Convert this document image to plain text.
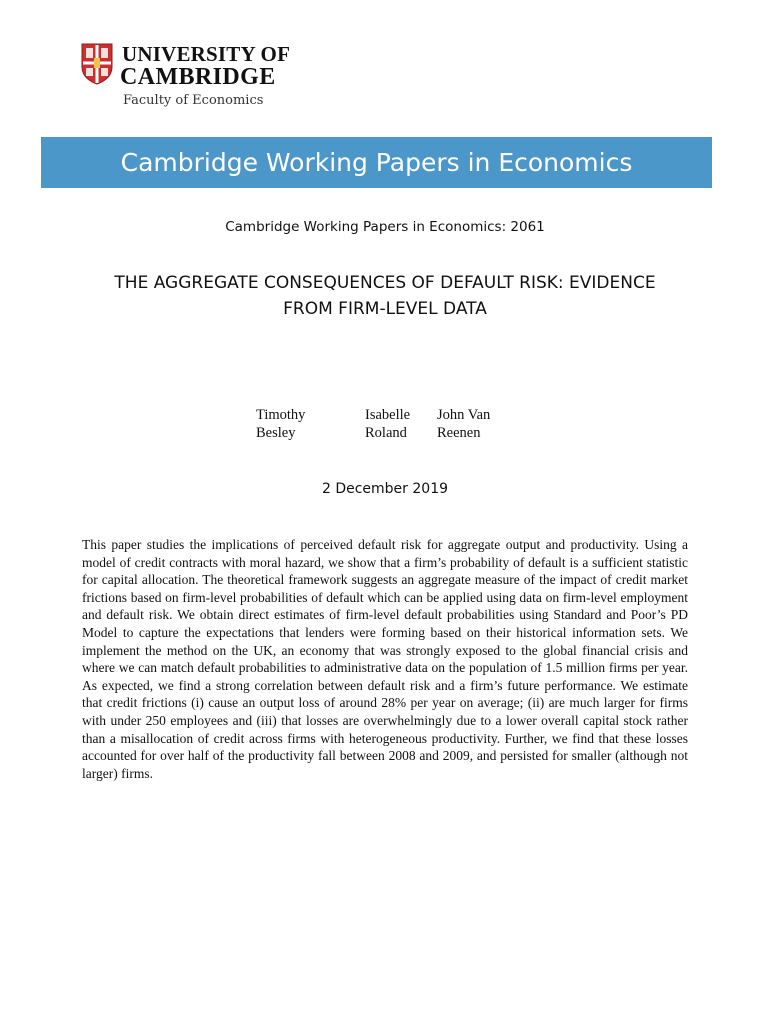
UNIVERSITY OF
CAMBRIDGE
Faculty of Economics
Cambridge Working Papers in Economics
Cambridge Working Papers in Economics: 2061
THE AGGREGATE CONSEQUENCES OF DEFAULT RISK: EVIDENCE
FROM FIRM-LEVEL DATA
Timothy
Besley
Isabelle
Roland
John Van
Reenen
2 December 2019
This paper studies the implications of perceived default risk for aggregate output and productivity. Using a model of credit contracts with moral hazard, we show that a firm’s probability of default is a sufficient statistic for capital allocation. The theoretical framework suggests an aggregate measure of the impact of credit market frictions based on firm-level probabilities of default which can be applied using data on firm-level employment and default risk. We obtain direct estimates of firm-level default probabilities using Standard and Poor’s PD Model to capture the expectations that lenders were forming based on their historical information sets. We implement the method on the UK, an economy that was strongly exposed to the global financial crisis and where we can match default probabilities to administrative data on the population of 1.5 million firms per year. As expected, we find a strong correlation between default risk and a firm’s future performance. We estimate that credit frictions (i) cause an output loss of around 28% per year on average; (ii) are much larger for firms with under 250 employees and (iii) that losses are overwhelmingly due to a lower overall capital stock rather than a misallocation of credit across firms with heterogeneous productivity. Further, we find that these losses accounted for over half of the productivity fall between 2008 and 2009, and persisted for smaller (although not larger) firms.
